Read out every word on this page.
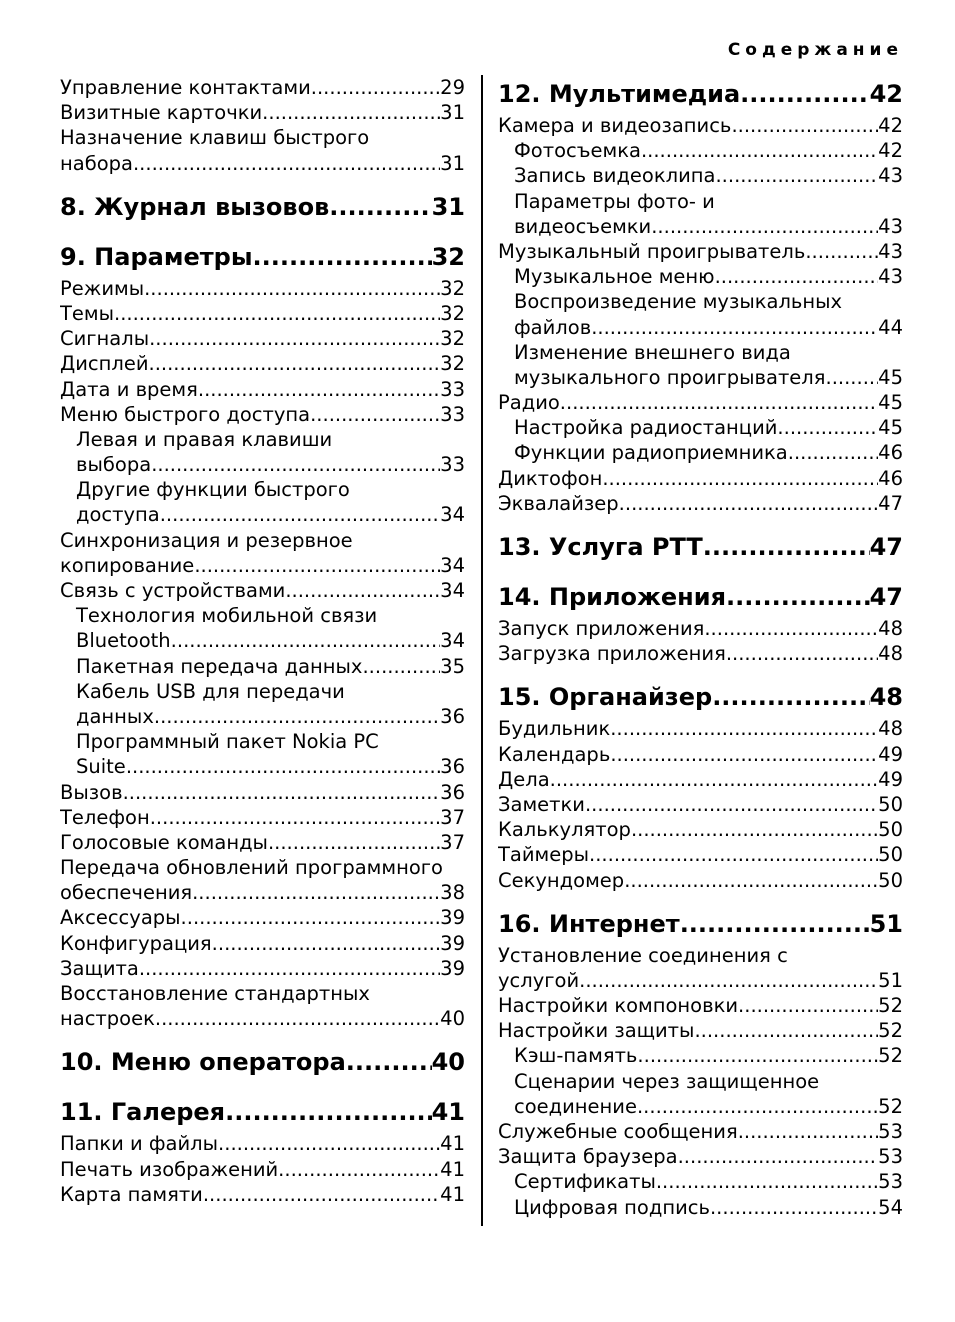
Содержание
Управление контактами .....	29
Визитные карточки .....	31
Назначение клавиш быстрого
набора .....	31
8. Журнал вызовов .....	31
9. Параметры .....	32
Режимы .....	32
Темы .....	32
Сигналы .....	32
Дисплей .....	32
Дата и время .....	33
Меню быстрого доступа .....	33
Левая и правая клавиши
выбора .....	33
Другие функции быстрого
доступа .....	34
Синхронизация и резервное
копирование .....	34
Связь с устройствами .....	34
Технология мобильной связи
Bluetooth .....	34
Пакетная передача данных .....	35
Кабель USB для передачи
данных .....	36
Программный пакет Nokia PC
Suite .....	36
Вызов .....	36
Телефон .....	37
Голосовые команды .....	37
Передача обновлений программного
обеспечения .....	38
Аксессуары .....	39
Конфигурация .....	39
Защита .....	39
Восстановление стандартных
настроек .....	40
10. Меню оператора .....	40
11. Галерея .....	41
Папки и файлы .....	41
Печать изображений .....	41
Карта памяти .....	41
12. Мультимедиа .....	42
Камера и видеозапись .....	42
Фотосъемка .....	42
Запись видеоклипа .....	43
Параметры фото- и
видеосъемки .....	43
Музыкальный проигрыватель .....	43
Музыкальное меню .....	43
Воспроизведение музыкальных
файлов .....	44
Изменение внешнего вида
музыкального проигрывателя .....	45
Радио .....	45
Настройка радиостанций .....	45
Функции радиоприемника .....	46
Диктофон .....	46
Эквалайзер .....	47
13. Услуга PTT .....	47
14. Приложения .....	47
Запуск приложения .....	48
Загрузка приложения .....	48
15. Органайзер .....	48
Будильник .....	48
Календарь .....	49
Дела .....	49
Заметки .....	50
Калькулятор .....	50
Таймеры .....	50
Секундомер .....	50
16. Интернет .....	51
Установление соединения с
услугой .....	51
Настройки компоновки .....	52
Настройки защиты .....	52
Кэш-память .....	52
Сценарии через защищенное
соединение .....	52
Служебные сообщения .....	53
Защита браузера .....	53
Сертификаты .....	53
Цифровая подпись .....	54
